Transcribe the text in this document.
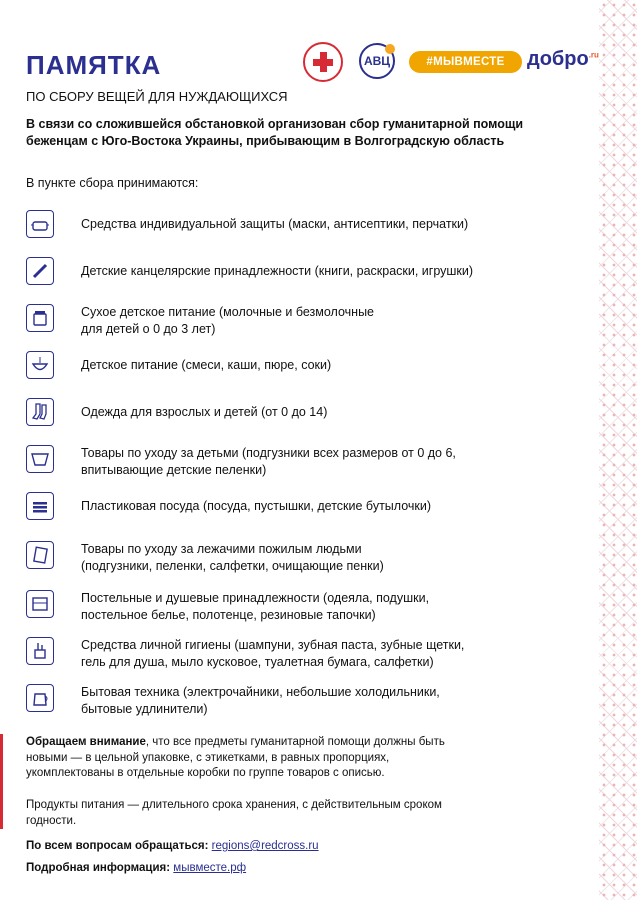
ПАМЯТКА	АВЦ	#МЫВМЕСТЕ	добро$^{.ru}$
ПО СБОРУ ВЕЩЕЙ ДЛЯ НУЖДАЮЩИХСЯ
В связи со сложившейся обстановкой организован сбор гуманитарной помощи беженцам с Юго-Востока Украины, прибывающим в Волгоградскую область
В пункте сбора принимаются:
Средства индивидуальной защиты (маски, антисептики, перчатки)
Детские канцелярские принадлежности (книги, раскраски, игрушки)
Сухое детское питание (молочные и безмолочные
для детей о 0 до 3 лет)
Детское питание (смеси, каши, пюре, соки)
Одежда для взрослых и детей (от 0 до 14)
Товары по уходу за детьми (подгузники всех размеров от 0 до 6,
впитывающие детские пеленки)
Пластиковая посуда (посуда, пустышки, детские бутылочки)
Товары по уходу за лежачими пожилым людьми
(подгузники, пеленки, салфетки, очищающие пенки)
Постельные и душевые принадлежности (одеяла, подушки,
постельное белье, полотенце, резиновые тапочки)
Средства личной гигиены (шампуни, зубная паста, зубные щетки,
гель для душа, мыло кусковое, туалетная бумага, салфетки)
Бытовая техника (электрочайники, небольшие холодильники,
бытовые удлинители)
Обращаем внимание, что все предметы гуманитарной помощи должны быть новыми — в цельной упаковке, с этикетками, в равных пропорциях, укомплектованы в отдельные коробки по группе товаров с описью.
Продукты питания — длительного срока хранения, с действительным сроком годности.
По всем вопросам обращаться: regions@redcross.ru
Подробная информация: мывместе.рф
